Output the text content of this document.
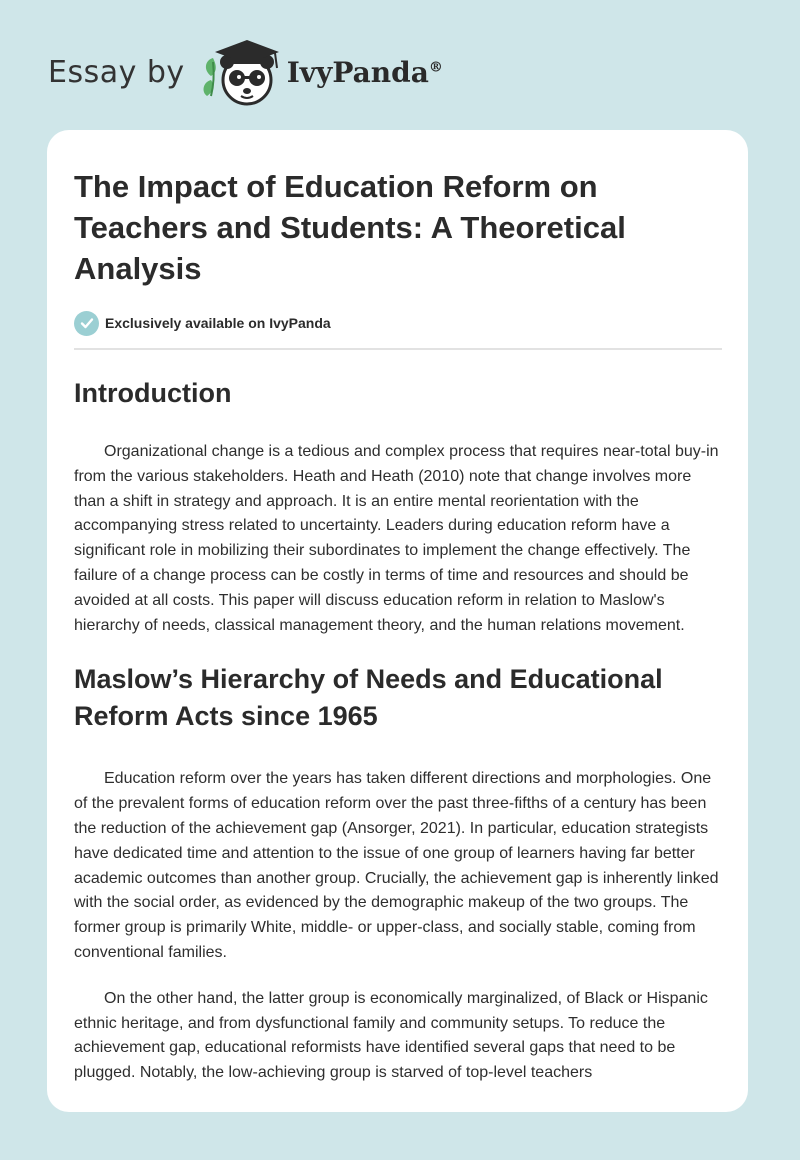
Essay by	IvyPanda®
The Impact of Education Reform on Teachers and Students: A Theoretical Analysis
Exclusively available on IvyPanda
Introduction

Organizational change is a tedious and complex process that requires near-total buy-in from the various stakeholders. Heath and Heath (2010) note that change involves more than a shift in strategy and approach. It is an entire mental reorientation with the accompanying stress related to uncertainty. Leaders during education reform have a significant role in mobilizing their subordinates to implement the change effectively. The failure of a change process can be costly in terms of time and resources and should be avoided at all costs. This paper will discuss education reform in relation to Maslow's hierarchy of needs, classical management theory, and the human relations movement.

Maslow’s Hierarchy of Needs and Educational Reform Acts since 1965

Education reform over the years has taken different directions and morphologies. One of the prevalent forms of education reform over the past three-fifths of a century has been the reduction of the achievement gap (Ansorger, 2021). In particular, education strategists have dedicated time and attention to the issue of one group of learners having far better academic outcomes than another group. Crucially, the achievement gap is inherently linked with the social order, as evidenced by the demographic makeup of the two groups. The former group is primarily White, middle- or upper-class, and socially stable, coming from conventional families.

On the other hand, the latter group is economically marginalized, of Black or Hispanic ethnic heritage, and from dysfunctional family and community setups. To reduce the achievement gap, educational reformists have identified several gaps that need to be plugged. Notably, the low-achieving group is starved of top-level teachers
